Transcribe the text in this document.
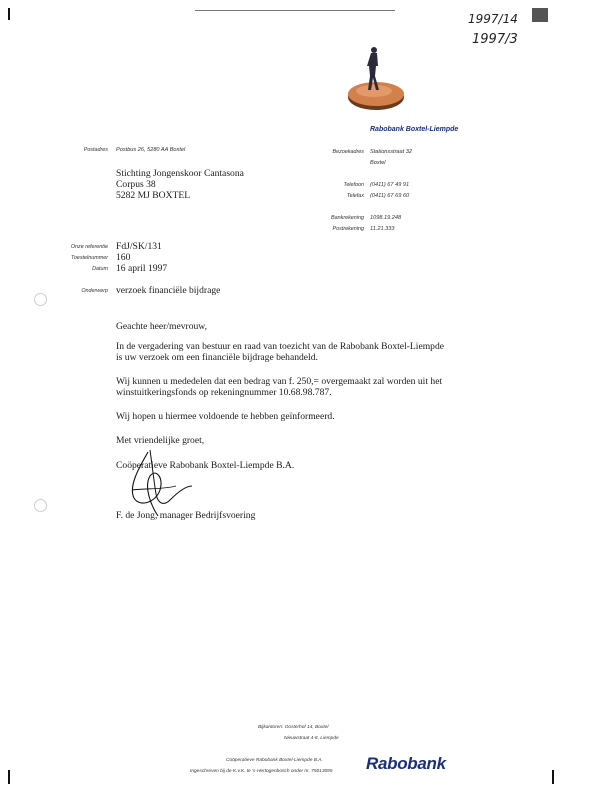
1997/14
1997/3
Rabobank Boxtel-Liempde
Postadres Postbus 26, 5280 AA Boxtel	Bezoekadres Stationsstraat 32
Boxtel
Telefoon (0411) 67 49 91
Telefax (0411) 67 69 60
Bankrekening 1098.19.248
Postrekening 11.21.333
Stichting Jongenskoor Cantasona
Corpus 38
5282 MJ BOXTEL
Onze referentie FdJ/SK/131
Toestelnummer 160
Datum 16 april 1997
Onderwerp verzoek financiële bijdrage
Geachte heer/mevrouw,
In de vergadering van bestuur en raad van toezicht van de Rabobank Boxtel-Liempde
is uw verzoek om een financiële bijdrage behandeld.
Wij kunnen u mededelen dat een bedrag van f. 250,= overgemaakt zal worden uit het
winstuitkeringsfonds op rekeningnummer 10.68.98.787.
Wij hopen u hiermee voldoende te hebben geïnformeerd.
Met vriendelijke groet,
Coöperatieve Rabobank Boxtel-Liempde B.A.
F. de Jong, manager Bedrijfsvoering
Bijkantoren: Oosterhof 14, Boxtel
Nieuwstraat 4-8, Liempde
Coöperatieve Rabobank Boxtel-Liempde B.A.
Ingeschreven bij de K.v.K. te 's-Hertogenbosch onder nr. 75013095 Rabobank
